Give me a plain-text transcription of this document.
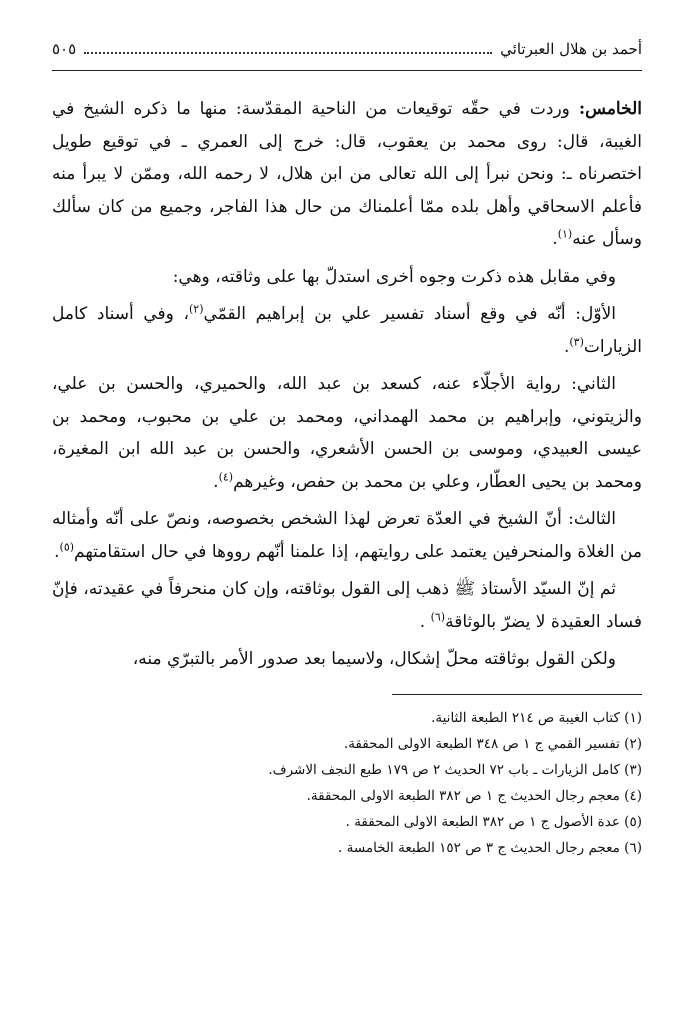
أحمد بن هلال العبرتائي
٥٠٥

الخامس: وردت في حقّه توقيعات من الناحية المقدّسة: منها ما ذكره الشيخ في الغيبة، قال: روى محمد بن يعقوب، قال: خرج إلى العمري ـ في توقيع طويل اختصرناه ـ: ونحن نبرأ إلى الله تعالى من ابن هلال، لا رحمه الله، وممّن لا يبرأ منه فأعلم الاسحاقي وأهل بلده ممّا أعلمناك من حال هذا الفاجر، وجميع من كان سألك وسأل عنه$^{(١)}$.

وفي مقابل هذه ذكرت وجوه أخرى استدلّ بها على وثاقته، وهي:

الأوّل: أنّه في وقع أسناد تفسير علي بن إبراهيم القمّي$^{(٢)}$، وفي أسناد كامل الزيارات$^{(٣)}$.

الثاني: رواية الأجلّاء عنه، كسعد بن عبد الله، والحميري، والحسن بن علي، والزيتوني، وإبراهيم بن محمد الهمداني، ومحمد بن علي بن محبوب، ومحمد بن عيسى العبيدي، وموسى بن الحسن الأشعري، والحسن بن عبد الله ابن المغيرة، ومحمد بن يحيى العطّار، وعلي بن محمد بن حفص، وغيرهم$^{(٤)}$.

الثالث: أنّ الشيخ في العدّة تعرض لهذا الشخص بخصوصه، ونصّ على أنّه وأمثاله من الغلاة والمنحرفين يعتمد على روايتهم، إذا علمنا أنّهم رووها في حال استقامتهم$^{(٥)}$.

ثم إنّ السيّد الأستاذ ﷺ ذهب إلى القول بوثاقته، وإن كان منحرفاً في عقيدته، فإنّ فساد العقيدة لا يضرّ بالوثاقة$^{(٦)}$ .

ولكن القول بوثاقته محلّ إشكال، ولاسيما بعد صدور الأمر بالتبرّي منه،

(١) كتاب الغيبة ص ٢١٤ الطبعة الثانية.
(٢) تفسير القمي ج ١ ص ٣٤٨ الطبعة الاولى المحققة.
(٣) كامل الزيارات ـ باب ٧٢ الحديث ٢ ص ١٧٩ طبع النجف الاشرف.
(٤) معجم رجال الحديث ج ١ ص ٣٨٢ الطبعة الاولى المحققة.
(٥) عدة الأصول ج ١ ص ٣٨٢ الطبعة الاولى المحققة .
(٦) معجم رجال الحديث ج ٣ ص ١٥٢ الطبعة الخامسة .
